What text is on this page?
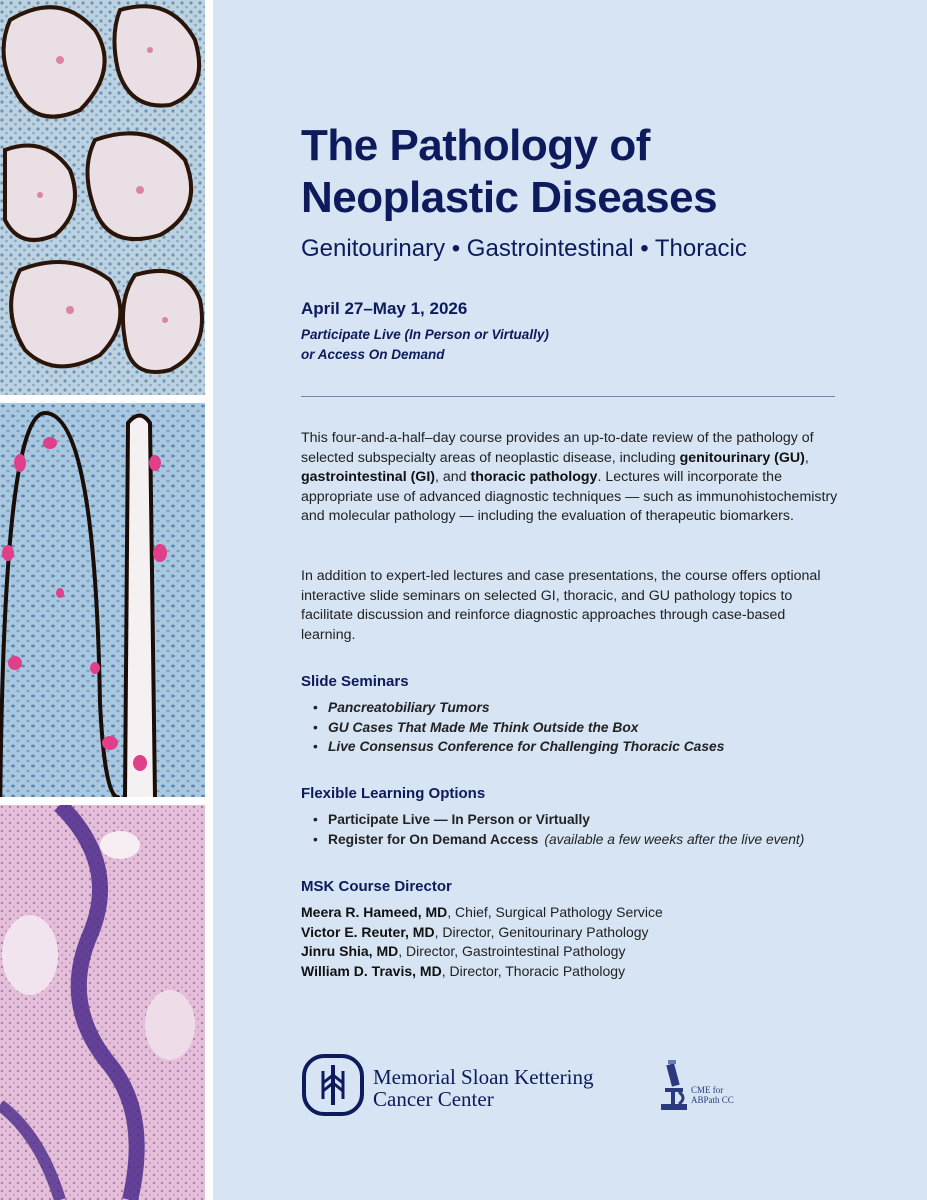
The Pathology of
Neoplastic Diseases
Genitourinary • Gastrointestinal • Thoracic
April 27–May 1, 2026
Participate Live (In Person or Virtually)
or Access On Demand

This four-and-a-half–day course provides an up-to-date review of the pathology of selected subspecialty areas of neoplastic disease, including genitourinary (GU), gastrointestinal (GI), and thoracic pathology. Lectures will incorporate the appropriate use of advanced diagnostic techniques — such as immunohistochemistry and molecular pathology — including the evaluation of therapeutic biomarkers.

In addition to expert-led lectures and case presentations, the course offers optional interactive slide seminars on selected GI, thoracic, and GU pathology topics to facilitate discussion and reinforce diagnostic approaches through case-based learning.

Slide Seminars
• Pancreatobiliary Tumors
• GU Cases That Made Me Think Outside the Box
• Live Consensus Conference for Challenging Thoracic Cases
Flexible Learning Options
• Participate Live — In Person or Virtually
• Register for On Demand Access (available a few weeks after the live event)
MSK Course Director
Meera R. Hameed, MD, Chief, Surgical Pathology Service
Victor E. Reuter, MD, Director, Genitourinary Pathology
Jinru Shia, MD, Director, Gastrointestinal Pathology
William D. Travis, MD, Director, Thoracic Pathology
Memorial Sloan Kettering
Cancer Center	CME for
ABPath CC
